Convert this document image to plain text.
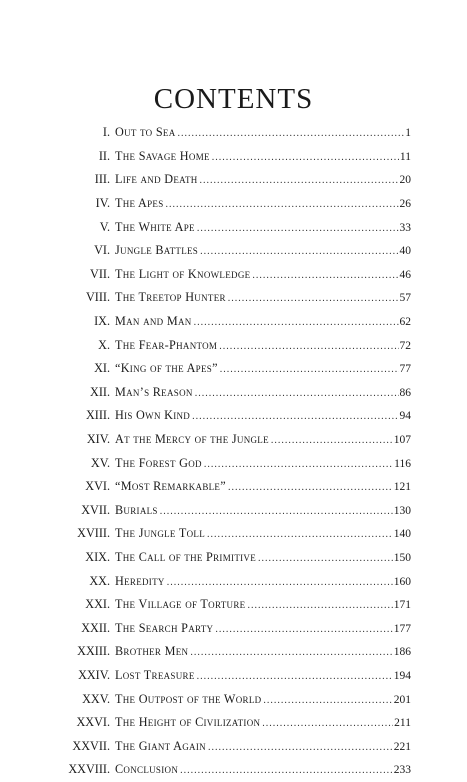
CONTENTS
I. Out to Sea .....	1
II. The Savage Home .....	11
III. Life and Death .....	20
IV. The Apes .....	26
V. The White Ape .....	33
VI. Jungle Battles .....	40
VII. The Light of Knowledge .....	46
VIII. The Treetop Hunter .....	57
IX. Man and Man .....	62
X. The Fear-Phantom .....	72
XI. “King of the Apes” .....	77
XII. Man’s Reason .....	86
XIII. His Own Kind .....	94
XIV. At the Mercy of the Jungle .....	107
XV. The Forest God .....	116
XVI. “Most Remarkable” .....	121
XVII. Burials .....	130
XVIII. The Jungle Toll .....	140
XIX. The Call of the Primitive .....	150
XX. Heredity .....	160
XXI. The Village of Torture .....	171
XXII. The Search Party .....	177
XXIII. Brother Men .....	186
XXIV. Lost Treasure .....	194
XXV. The Outpost of the World .....	201
XXVI. The Height of Civilization .....	211
XXVII. The Giant Again .....	221
XXVIII. Conclusion .....	233
